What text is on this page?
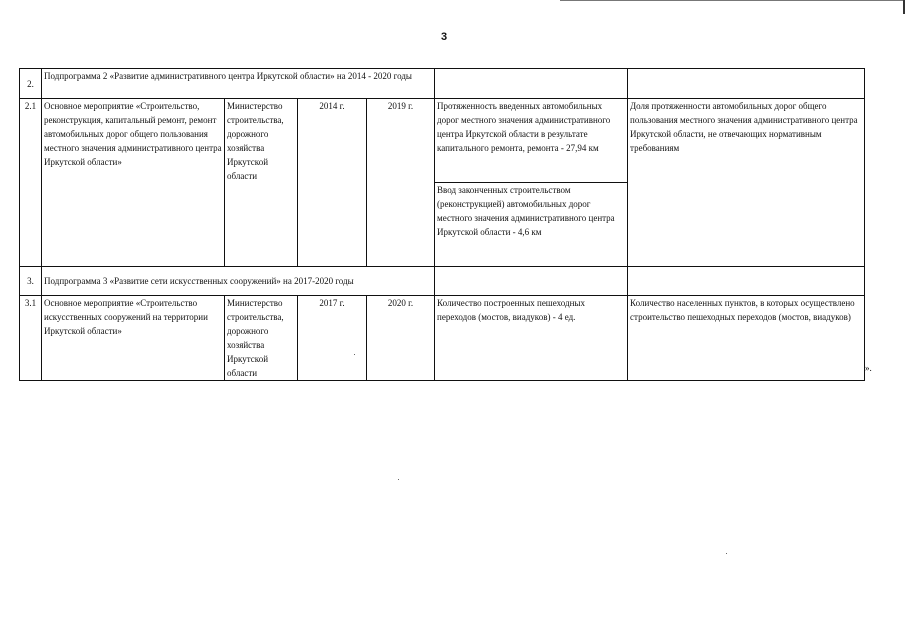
3
2.	Подпрограмма 2 «Развитие административного центра Иркутской области» на 2014 - 2020 годы					
2.1	Основное мероприятие «Строительство, реконструкция, капитальный ремонт, ремонт автомобильных дорог общего пользования местного значения административного центра Иркутской области»	Министерство строительства, дорожного хозяйства Иркутской области	2014 г.	2019 г.	Протяженность введенных автомобильных дорог местного значения административного центра Иркутской области в результате капитального ремонта, ремонта - 27,94 км	Доля протяженности автомобильных дорог общего пользования местного значения административного центра Иркутской области, не отвечающих нормативным требованиям
					Ввод законченных строительством (реконструкцией) автомобильных дорог местного значения административного центра Иркутской области - 4,6 км	
3.	Подпрограмма 3 «Развитие сети искусственных сооружений» на 2017-2020 годы					
3.1	Основное мероприятие «Строительство искусственных сооружений на территории Иркутской области»	Министерство строительства, дорожного хозяйства Иркутской области	2017 г.	2020 г.	Количество построенных пешеходных переходов (мостов, виадуков) - 4 ед.	Количество населенных пунктов, в которых осуществлено строительство пешеходных переходов (мостов, виадуков)
».
